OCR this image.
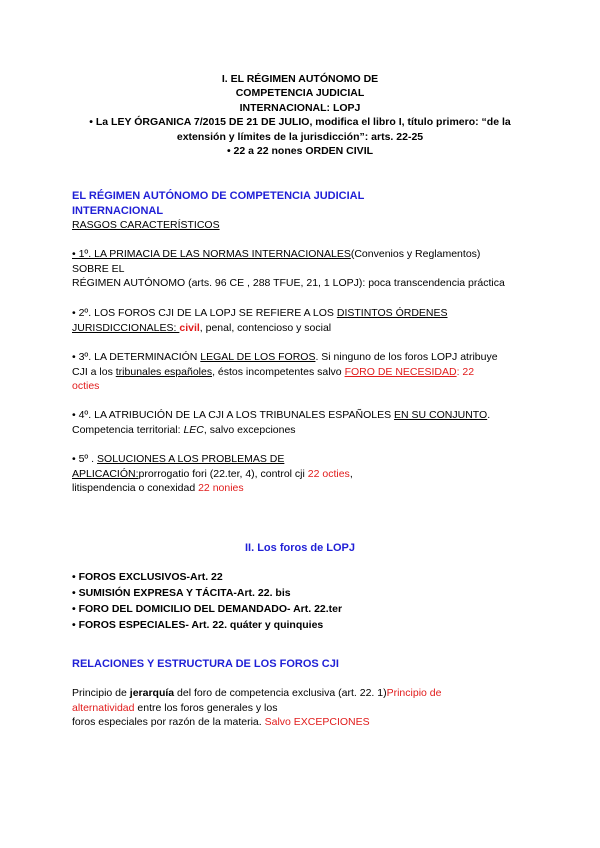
I. EL RÉGIMEN AUTÓNOMO DE
COMPETENCIA JUDICIAL
INTERNACIONAL: LOPJ
• La LEY ÓRGANICA 7/2015 DE 21 DE JULIO, modifica el libro I, título primero: “de la
extensión y límites de la jurisdicción”: arts. 22-25
• 22 a 22 nones ORDEN CIVIL
EL RÉGIMEN AUTÓNOMO DE COMPETENCIA JUDICIAL
INTERNACIONAL
RASGOS CARACTERÍSTICOS
• 1º. LA PRIMACIA DE LAS NORMAS INTERNACIONALES(Convenios y Reglamentos)
SOBRE EL
RÉGIMEN AUTÓNOMO (arts. 96 CE , 288 TFUE, 21, 1 LOPJ): poca transcendencia práctica
• 2º. LOS FOROS CJI DE LA LOPJ SE REFIERE A LOS DISTINTOS ÓRDENES
JURISDICCIONALES: civil, penal, contencioso y social
• 3º. LA DETERMINACIÓN LEGAL DE LOS FOROS. Si ninguno de los foros LOPJ atribuye
CJI a los tribunales españoles, éstos incompetentes salvo FORO DE NECESIDAD: 22
octies
• 4º. LA ATRIBUCIÓN DE LA CJI A LOS TRIBUNALES ESPAÑOLES EN SU CONJUNTO.
Competencia territorial: LEC, salvo excepciones
• 5º . SOLUCIONES A LOS PROBLEMAS DE
APLICACIÓN:prorrogatio fori (22.ter, 4), control cji 22 octies,
litispendencia o conexidad 22 nonies
II. Los foros de LOPJ
• FOROS EXCLUSIVOS-Art. 22
• SUMISIÓN EXPRESA Y TÁCITA-Art. 22. bis
• FORO DEL DOMICILIO DEL DEMANDADO- Art. 22.ter
• FOROS ESPECIALES- Art. 22. quáter y quinquies
RELACIONES Y ESTRUCTURA DE LOS FOROS CJI
Principio de jerarquía del foro de competencia exclusiva (art. 22. 1)Principio de
alternatividad entre los foros generales y los
foros especiales por razón de la materia. Salvo EXCEPCIONES
